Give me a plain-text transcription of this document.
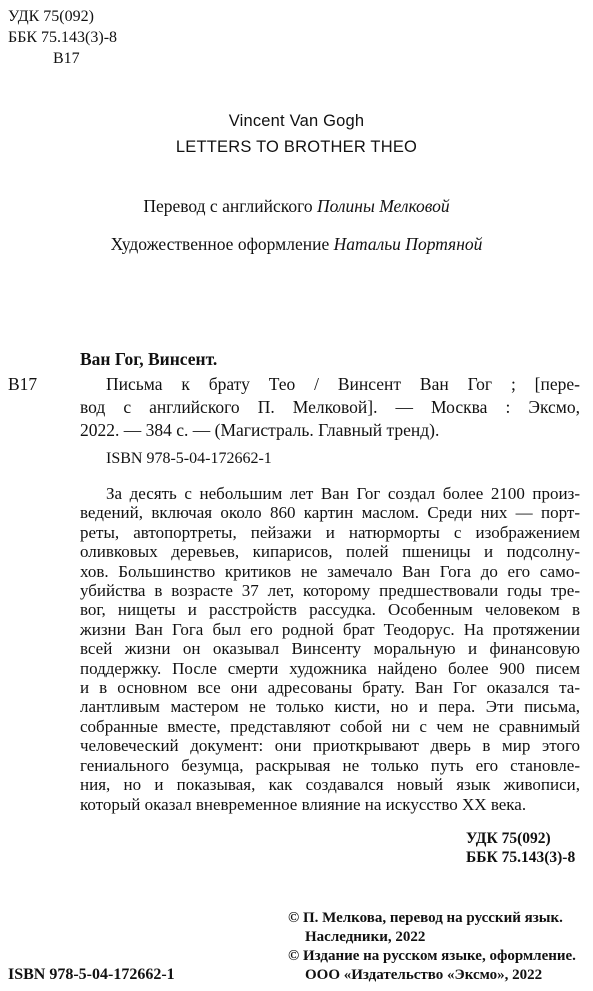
УДК 75(092)
ББК 75.143(3)-8
В17
Vincent Van Gogh
LETTERS TO BROTHER THEO
Перевод с английского Полины Мелковой
Художественное оформление Натальи Портяной
Ван Гог, Винсент.
В17	Письма к брату Тео / Винсент Ван Гог ; [пере-
вод с английского П. Мелковой]. — Москва : Эксмо,
2022. — 384 с. — (Магистраль. Главный тренд).
ISBN 978-5-04-172662-1
За десять с небольшим лет Ван Гог создал более 2100 произ-
ведений, включая около 860 картин маслом. Среди них — порт-
реты, автопортреты, пейзажи и натюрморты с изображением
оливковых деревьев, кипарисов, полей пшеницы и подсолну-
хов. Большинство критиков не замечало Ван Гога до его само-
убийства в возрасте 37 лет, которому предшествовали годы тре-
вог, нищеты и расстройств рассудка. Особенным человеком в
жизни Ван Гога был его родной брат Теодорус. На протяжении
всей жизни он оказывал Винсенту моральную и финансовую
поддержку. После смерти художника найдено более 900 писем
и в основном все они адресованы брату. Ван Гог оказался та-
лантливым мастером не только кисти, но и пера. Эти письма,
собранные вместе, представляют собой ни с чем не сравнимый
человеческий документ: они приоткрывают дверь в мир этого
гениального безумца, раскрывая не только путь его становле-
ния, но и показывая, как создавался новый язык живописи,
который оказал вневременное влияние на искусство XX века.
УДК 75(092)
ББК 75.143(3)-8
© П. Мелкова, перевод на русский язык.
Наследники, 2022
© Издание на русском языке, оформление.
ООО «Издательство «Эксмо», 2022
ISBN 978-5-04-172662-1
